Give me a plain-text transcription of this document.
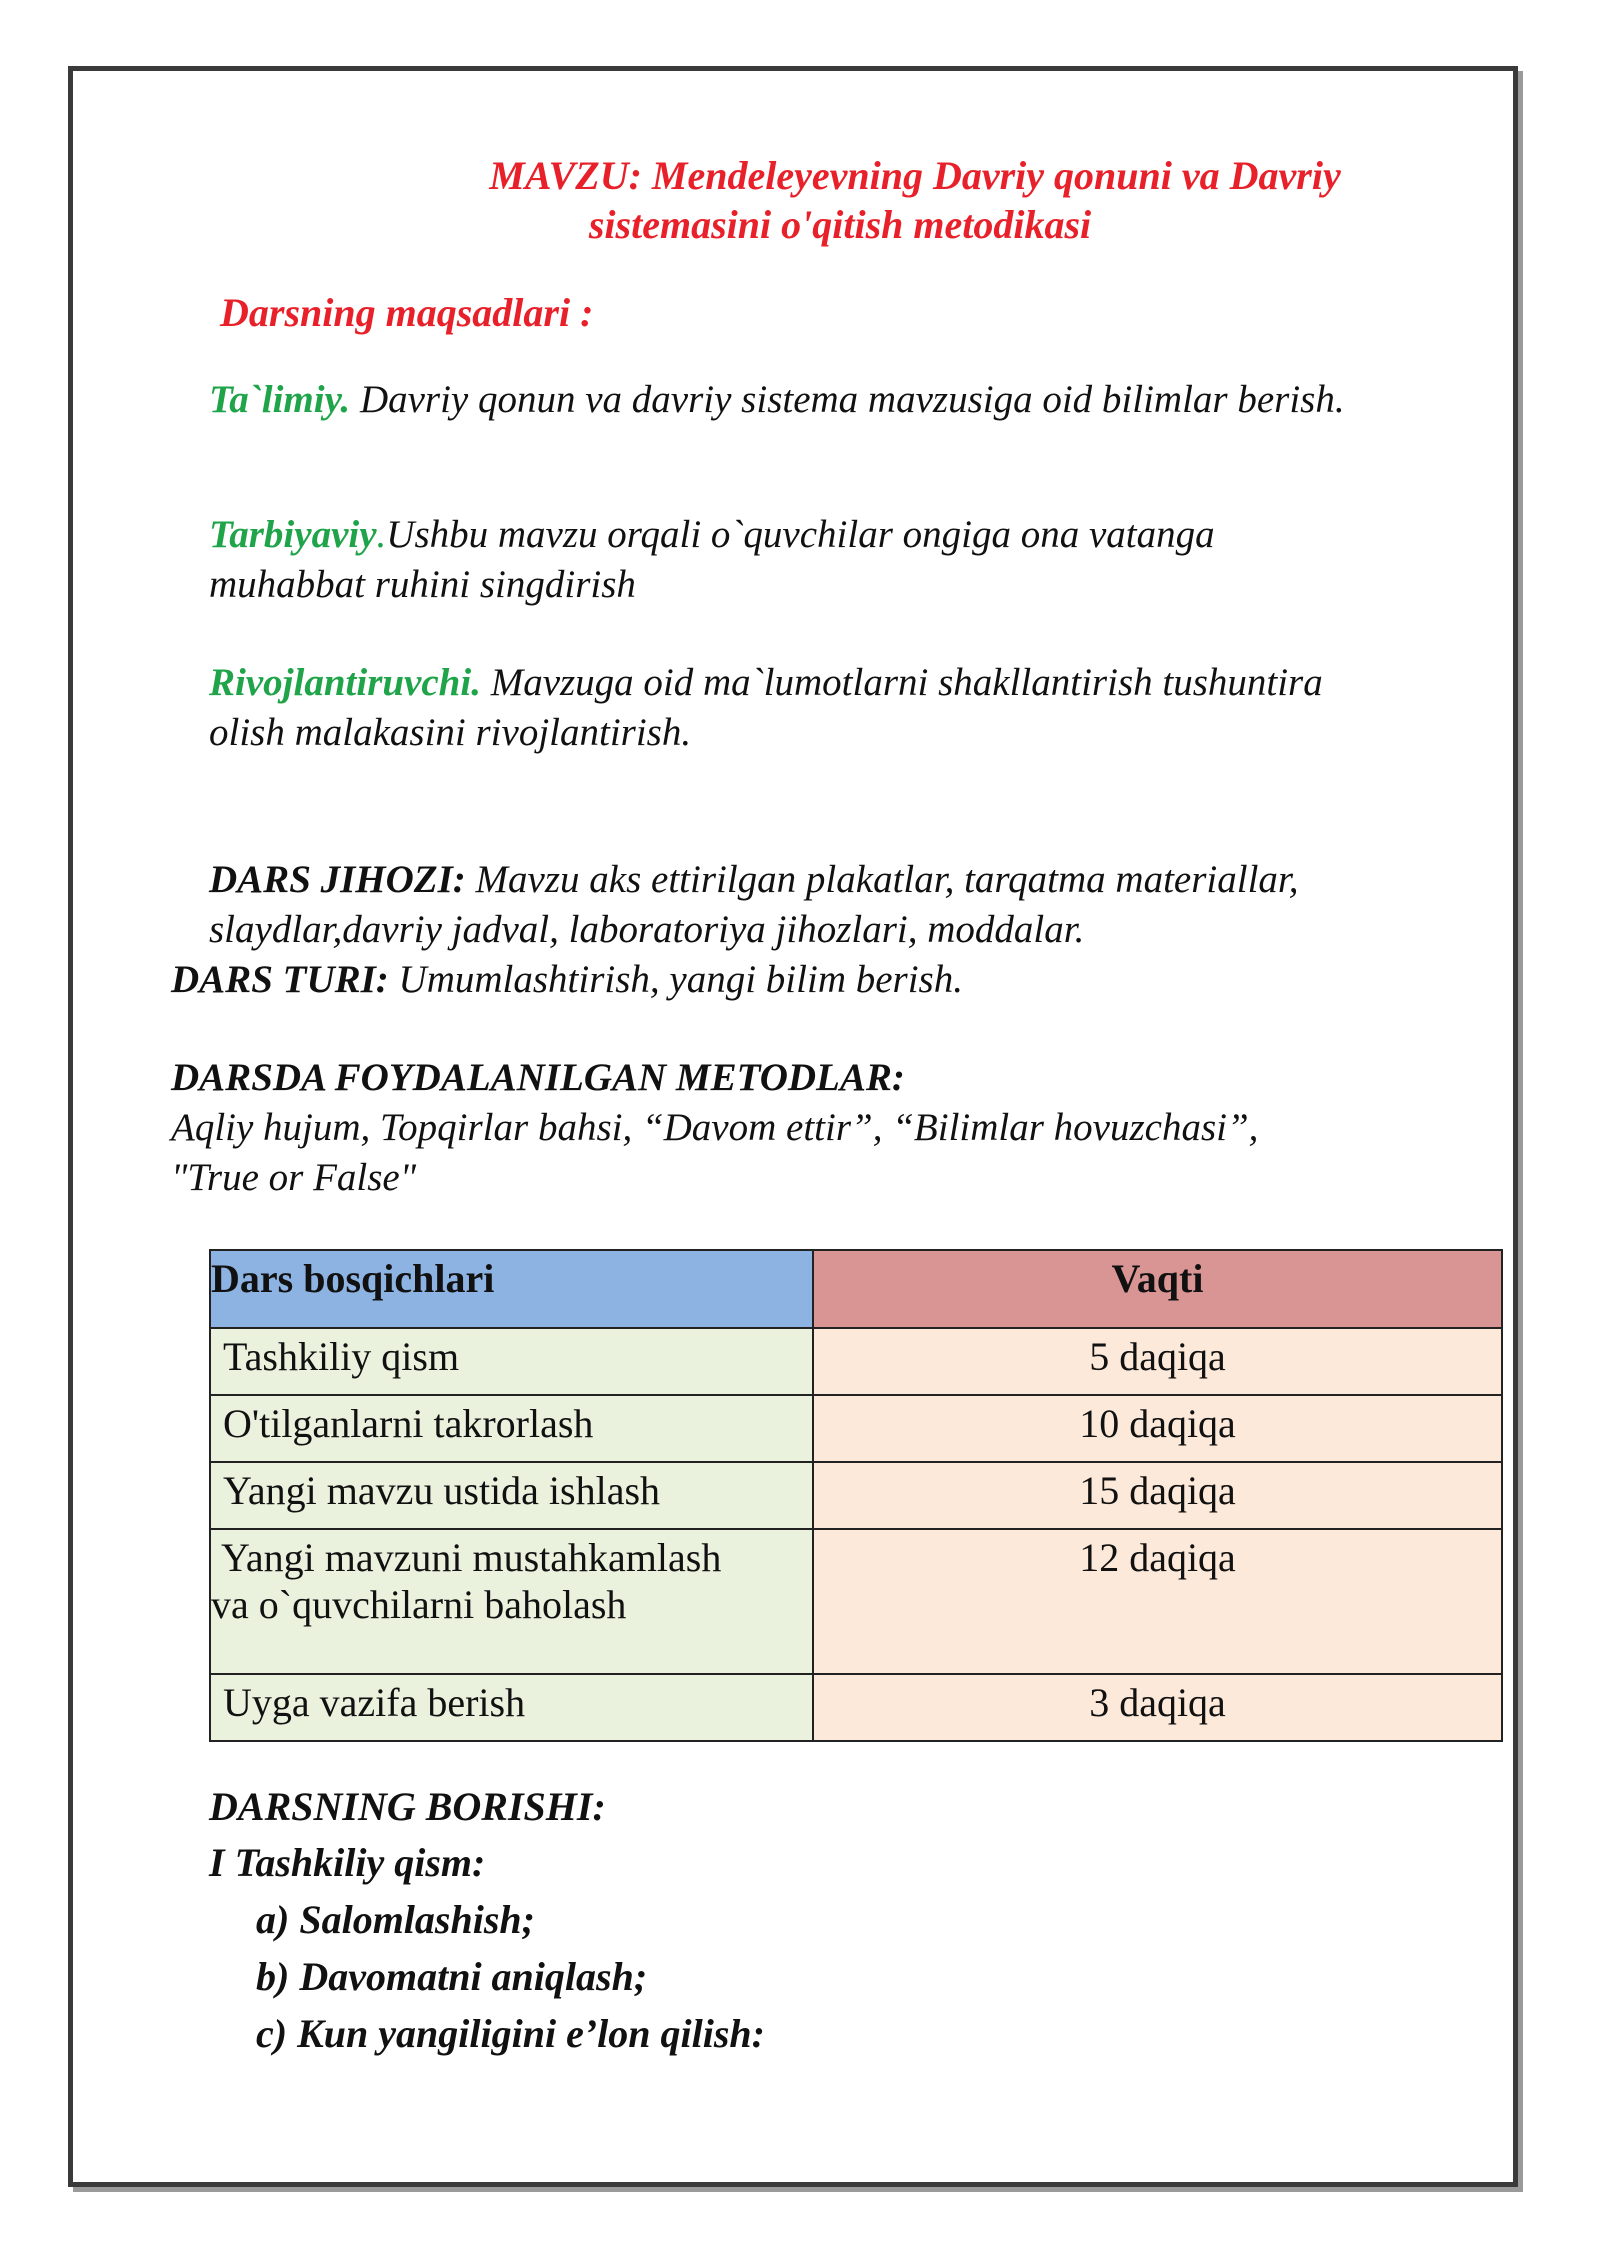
MAVZU: Mendeleyevning Davriy qonuni va Davriy
sistemasini o'qitish metodikasi
Darsning maqsadlari :
Ta`limiy. Davriy qonun va davriy sistema mavzusiga oid bilimlar berish.
Tarbiyaviy.Ushbu mavzu orqali o`quvchilar ongiga ona vatanga
muhabbat ruhini singdirish
Rivojlantiruvchi. Mavzuga oid ma`lumotlarni shakllantirish tushuntira
olish malakasini rivojlantirish.
DARS JIHOZI: Mavzu aks ettirilgan plakatlar, tarqatma materiallar,
slaydlar,davriy jadval, laboratoriya jihozlari, moddalar.
DARS TURI: Umumlashtirish, yangi bilim berish.
DARSDA FOYDALANILGAN METODLAR:
Aqliy hujum, Topqirlar bahsi, “Davom ettir”, “Bilimlar hovuzchasi”,
"True or False"
Dars bosqichlari	Vaqti
Tashkiliy qism	5 daqiqa
O'tilganlarni takrorlash	10 daqiqa
Yangi mavzu ustida ishlash	15 daqiqa

Yangi mavzuni mustahkamlash
va o`quvchilarni baholash	12 daqiqa
Uyga vazifa berish	3 daqiqa
DARSNING BORISHI:
I Tashkiliy qism:
a) Salomlashish;
b) Davomatni aniqlash;
c) Kun yangiligini e’lon qilish:
